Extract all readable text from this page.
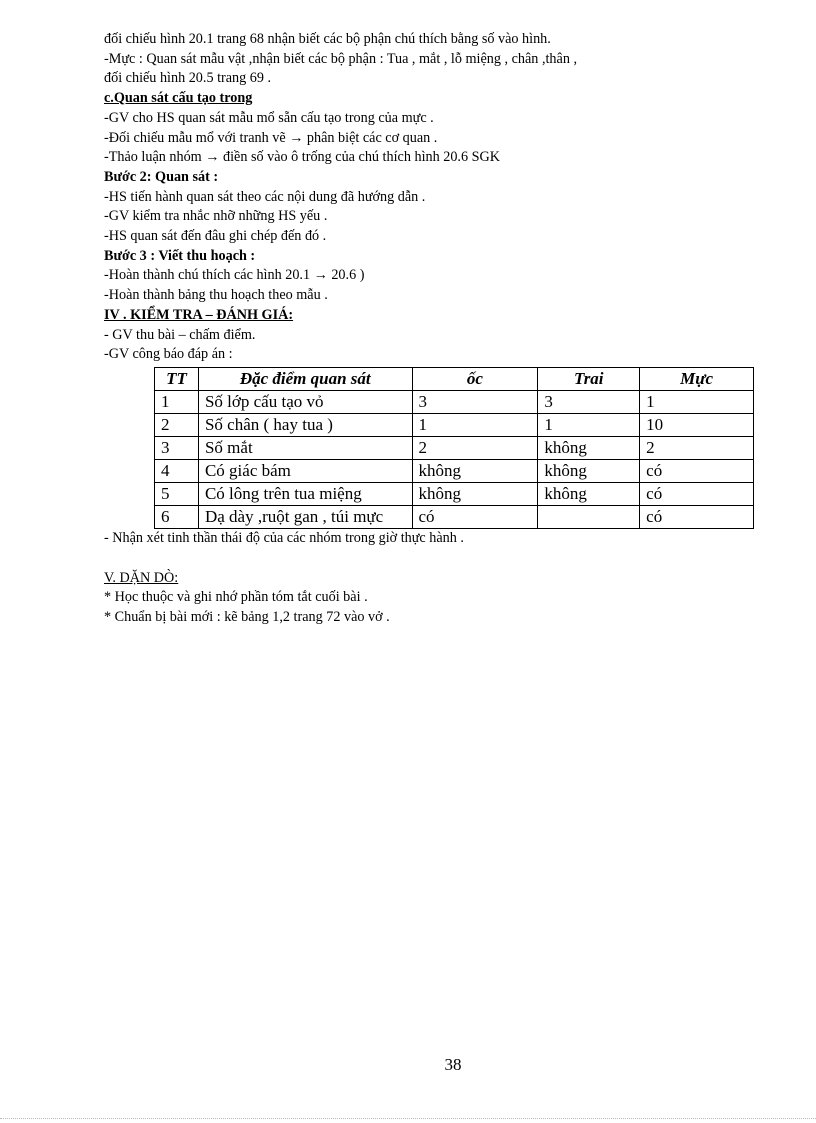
đối chiếu hình 20.1 trang 68 nhận biết các bộ phận chú thích bằng số vào hình.
-Mực : Quan sát mẫu vật ,nhận biết các bộ phận : Tua , mắt , lỗ miệng , chân ,thân ,
đối chiếu hình 20.5 trang 69 .
c.Quan sát cấu tạo trong
-GV cho HS quan sát mẫu mổ sẵn cấu tạo trong của mực .
-Đối chiếu mẫu mổ với tranh vẽ → phân biệt các cơ quan .
-Thảo luận nhóm → điền số vào ô trống của chú thích hình 20.6 SGK
Bước 2: Quan sát :
-HS tiến hành quan sát theo các nội dung đã hướng dẫn .
-GV kiểm tra nhắc nhỡ những HS yếu .
-HS quan sát đến đâu ghi chép đến đó .
Bước 3 : Viết thu hoạch :
-Hoàn thành chú thích các hình 20.1 → 20.6 )
-Hoàn thành bảng thu hoạch theo mẫu .
IV . KIỂM TRA – ĐÁNH GIÁ:
- GV thu bài – chấm điểm.
-GV công báo đáp án :
TT	Đặc điểm quan sát	ốc	Trai	Mực
1	Số lớp cấu tạo vỏ	3	3	1
2	Số chân ( hay tua )	1	1	10
3	Số mắt	2	không	2
4	Có giác bám	không	không	có
5	Có lông trên tua miệng	không	không	có
6	Dạ dày ,ruột gan , túi mực	có		có
- Nhận xét tinh thần thái độ của các nhóm trong giờ thực hành .
V. DẶN DÒ:
* Học thuộc và ghi nhớ phần tóm tắt cuối bài .
* Chuẩn bị bài mới : kẽ bảng 1,2 trang 72 vào vở .
38
